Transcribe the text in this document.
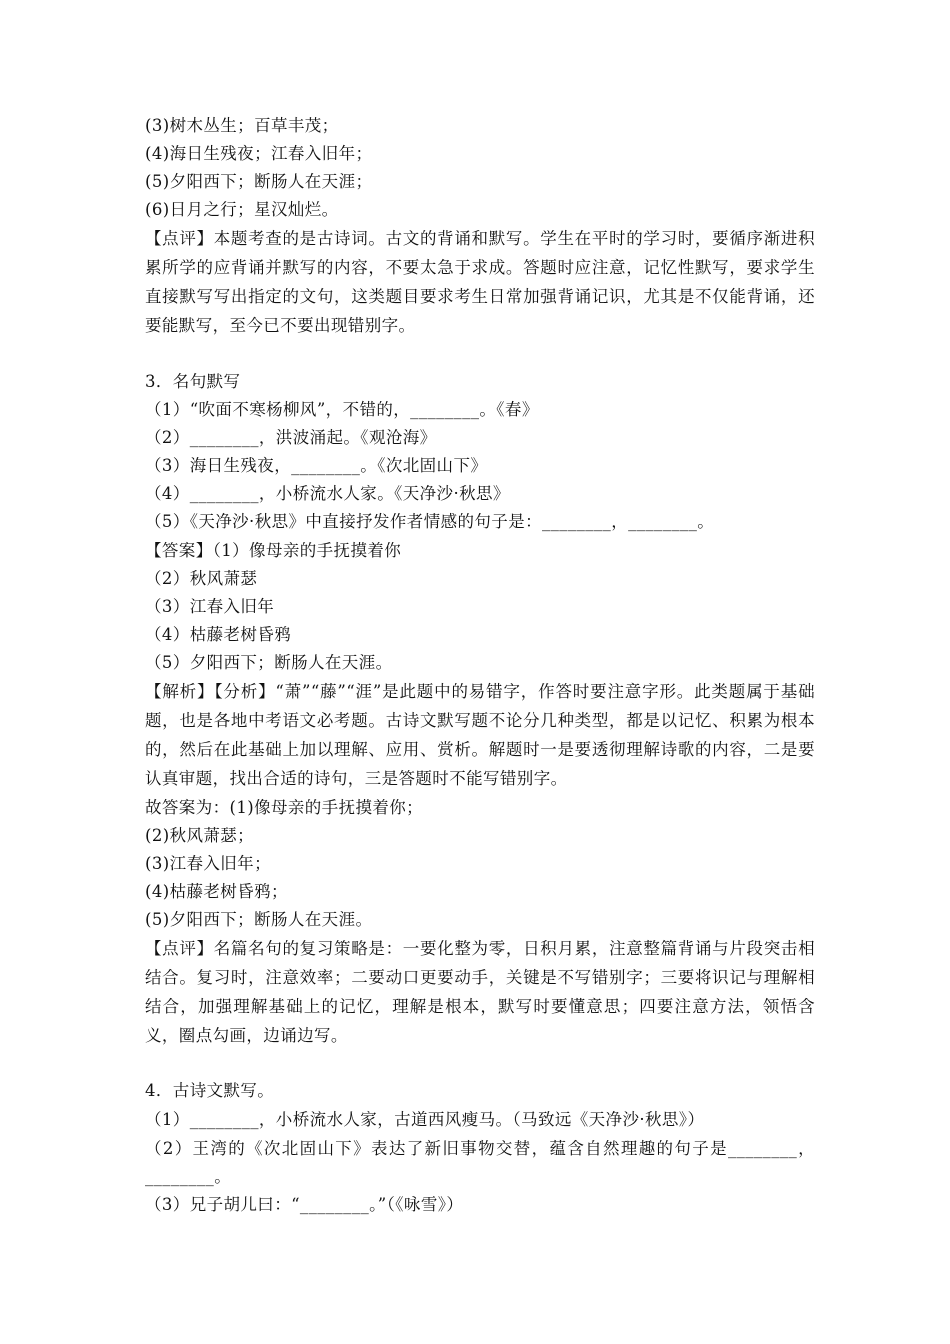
(3)树木丛生；百草丰茂；
(4)海日生残夜；江春入旧年；
(5)夕阳西下；断肠人在天涯；
(6)日月之行；星汉灿烂。
【点评】本题考查的是古诗词。古文的背诵和默写。学生在平时的学习时，要循序渐进积
累所学的应背诵并默写的内容，不要太急于求成。答题时应注意，记忆性默写，要求学生
直接默写写出指定的文句，这类题目要求考生日常加强背诵记识，尤其是不仅能背诵，还
要能默写，至今已不要出现错别字。
3．名句默写
（1）“吹面不寒杨柳风”，不错的，________。《春》
（2）________，洪波涌起。《观沧海》
（3）海日生残夜，________。《次北固山下》
（4）________，小桥流水人家。《天净沙·秋思》
（5）《天净沙·秋思》中直接抒发作者情感的句子是：________，________。
【答案】（1）像母亲的手抚摸着你
（2）秋风萧瑟
（3）江春入旧年
（4）枯藤老树昏鸦
（5）夕阳西下；断肠人在天涯。
【解析】【分析】“萧”“藤”“涯”是此题中的易错字，作答时要注意字形。此类题属于基础
题，也是各地中考语文必考题。古诗文默写题不论分几种类型，都是以记忆、积累为根本
的，然后在此基础上加以理解、应用、赏析。解题时一是要透彻理解诗歌的内容，二是要
认真审题，找出合适的诗句，三是答题时不能写错别字。
故答案为：(1)像母亲的手抚摸着你；
(2)秋风萧瑟；
(3)江春入旧年；
(4)枯藤老树昏鸦；
(5)夕阳西下；断肠人在天涯。
【点评】名篇名句的复习策略是：一要化整为零，日积月累，注意整篇背诵与片段突击相
结合。复习时，注意效率；二要动口更要动手，关键是不写错别字；三要将识记与理解相
结合，加强理解基础上的记忆，理解是根本，默写时要懂意思；四要注意方法，领悟含
义，圈点勾画，边诵边写。
4．古诗文默写。
（1）________，小桥流水人家，古道西风瘦马。（马致远《天净沙·秋思》）
（2）王湾的《次北固山下》表达了新旧事物交替，蕴含自然理趣的句子是________，
________。
（3）兄子胡儿曰：“________。”（《咏雪》）
